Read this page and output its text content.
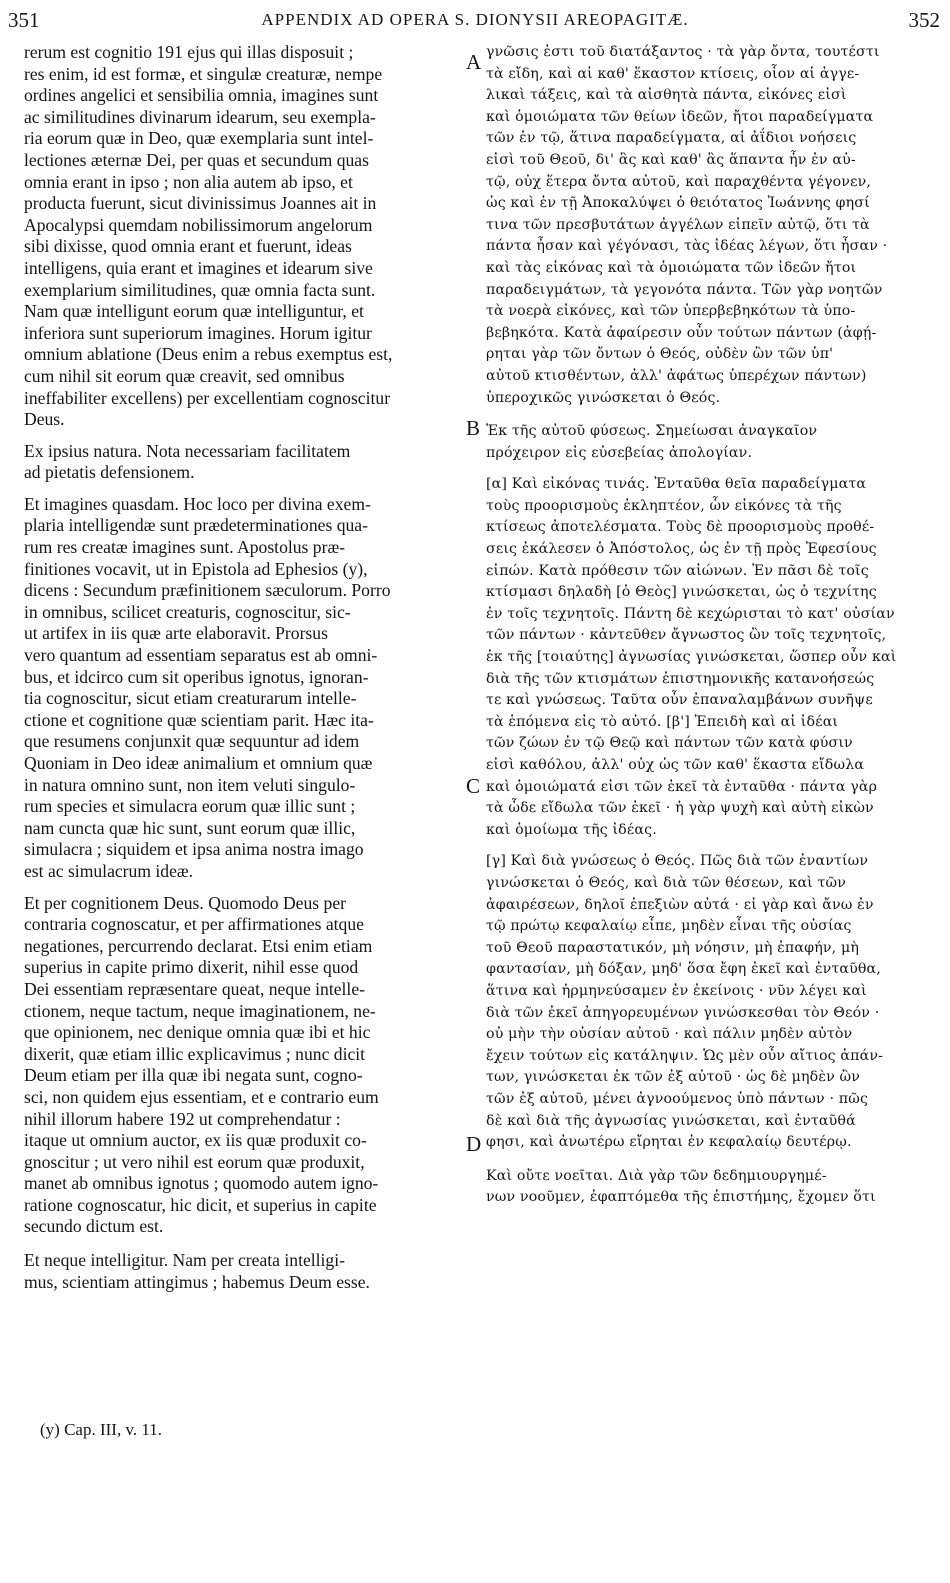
351	APPENDIX AD OPERA S. DIONYSII AREOPAGITÆ.	352
rerum est cognitio 191 ejus qui illas disposuit ;
res enim, id est formæ, et singulæ creaturæ, nempe
ordines angelici et sensibilia omnia, imagines sunt
ac similitudines divinarum idearum, seu exempla-
ria eorum quæ in Deo, quæ exemplaria sunt intel-
lectiones æternæ Dei, per quas et secundum quas
omnia erant in ipso ; non alia autem ab ipso, et
producta fuerunt, sicut divinissimus Joannes ait in
Apocalypsi quemdam nobilissimorum angelorum
sibi dixisse, quod omnia erant et fuerunt, ideas
intelligens, quia erant et imagines et idearum sive
exemplarium similitudines, quæ omnia facta sunt.
Nam quæ intelligunt eorum quæ intelliguntur, et
inferiora sunt superiorum imagines. Horum igitur
omnium ablatione (Deus enim a rebus exemptus est,
cum nihil sit eorum quæ creavit, sed omnibus
ineffabiliter excellens) per excellentiam cognoscitur
Deus.
Ex ipsius natura. Nota necessariam facilitatem
ad pietatis defensionem.
Et imagines quasdam. Hoc loco per divina exem-
plaria intelligendæ sunt prædeterminationes qua-
rum res creatæ imagines sunt. Apostolus præ-
finitiones vocavit, ut in Epistola ad Ephesios (y),
dicens : Secundum præfinitionem sæculorum. Porro
in omnibus, scilicet creaturis, cognoscitur, sic-
ut artifex in iis quæ arte elaboravit. Prorsus
vero quantum ad essentiam separatus est ab omni-
bus, et idcirco cum sit operibus ignotus, ignoran-
tia cognoscitur, sicut etiam creaturarum intelle-
ctione et cognitione quæ scientiam parit. Hæc ita-
que resumens conjunxit quæ sequuntur ad idem
Quoniam in Deo ideæ animalium et omnium quæ
in natura omnino sunt, non item veluti singulo-
rum species et simulacra eorum quæ illic sunt ;
nam cuncta quæ hic sunt, sunt eorum quæ illic,
simulacra ; siquidem et ipsa anima nostra imago
est ac simulacrum ideæ.
Et per cognitionem Deus. Quomodo Deus per
contraria cognoscatur, et per affirmationes atque
negationes, percurrendo declarat. Etsi enim etiam
superius in capite primo dixerit, nihil esse quod
Dei essentiam repræsentare queat, neque intelle-
ctionem, neque tactum, neque imaginationem, ne-
que opinionem, nec denique omnia quæ ibi et hic
dixerit, quæ etiam illic explicavimus ; nunc dicit
Deum etiam per illa quæ ibi negata sunt, cogno-
sci, non quidem ejus essentiam, et e contrario eum
nihil illorum habere 192 ut comprehendatur :
itaque ut omnium auctor, ex iis quæ produxit co-
gnoscitur ; ut vero nihil est eorum quæ produxit,
manet ab omnibus ignotus ; quomodo autem igno-
ratione cognoscatur, hic dicit, et superius in capite
secundo dictum est.
Et neque intelligitur. Nam per creata intelligi-
mus, scientiam attingimus ; habemus Deum esse.
γνῶσις ἐστι τοῦ διατάξαντος · τὰ γὰρ ὄντα, τουτέστι
τὰ εἴδη, καὶ αἱ καθ' ἕκαστον κτίσεις, οἷον αἱ ἀγγε-
λικαὶ τάξεις, καὶ τὰ αἰσθητὰ πάντα, εἰκόνες εἰσὶ
καὶ ὁμοιώματα τῶν θείων ἰδεῶν, ἤτοι παραδείγματα
τῶν ἐν τῷ, ἅτινα παραδείγματα, αἱ ἀΐδιοι νοήσεις
εἰσὶ τοῦ Θεοῦ, δι' ἃς καὶ καθ' ἃς ἅπαντα ἦν ἐν αὐ-
τῷ, οὐχ ἕτερα ὄντα αὐτοῦ, καὶ παραχθέντα γέγονεν,
ὡς καὶ ἐν τῇ Ἀποκαλύψει ὁ θειότατος Ἰωάννης φησί
τινα τῶν πρεσβυτάτων ἀγγέλων εἰπεῖν αὐτῷ, ὅτι τὰ
πάντα ἦσαν καὶ γέγόνασι, τὰς ἰδέας λέγων, ὅτι ἦσαν ·
καὶ τὰς εἰκόνας καὶ τὰ ὁμοιώματα τῶν ἰδεῶν ἤτοι
παραδειγμάτων, τὰ γεγονότα πάντα. Τῶν γὰρ νοητῶν
τὰ νοερὰ εἰκόνες, καὶ τῶν ὑπερβεβηκότων τὰ ὑπο-
βεβηκότα. Κατὰ ἀφαίρεσιν οὖν τούτων πάντων (ἀφῄ-
ρηται γὰρ τῶν ὄντων ὁ Θεός, οὐδὲν ὢν τῶν ὑπ'
αὐτοῦ κτισθέντων, ἀλλ' ἀφάτως ὑπερέχων πάντων)
ὑπεροχικῶς γινώσκεται ὁ Θεός.
Ἐκ τῆς αὐτοῦ φύσεως. Σημείωσαι ἀναγκαῖον
πρόχειρον εἰς εὐσεβείας ἀπολογίαν.
[α] Καὶ εἰκόνας τινάς. Ἐνταῦθα θεῖα παραδείγματα
τοὺς προορισμοὺς ἐκληπτέον, ὧν εἰκόνες τὰ τῆς
κτίσεως ἀποτελέσματα. Τοὺς δὲ προορισμοὺς προθέ-
σεις ἐκάλεσεν ὁ Ἀπόστολος, ὡς ἐν τῇ πρὸς Ἐφεσίους
εἰπών. Κατὰ πρόθεσιν τῶν αἰώνων. Ἐν πᾶσι δὲ τοῖς
κτίσμασι δηλαδὴ [ὁ Θεὸς] γινώσκεται, ὡς ὁ τεχνίτης
ἐν τοῖς τεχνητοῖς. Πάντη δὲ κεχώρισται τὸ κατ' οὐσίαν
τῶν πάντων · κἀντεῦθεν ἄγνωστος ὢν τοῖς τεχνητοῖς,
ἐκ τῆς [τοιαύτης] ἀγνωσίας γινώσκεται, ὥσπερ οὖν καὶ
διὰ τῆς τῶν κτισμάτων ἐπιστημονικῆς κατανοήσεώς
τε καὶ γνώσεως. Ταῦτα οὖν ἐπαναλαμβάνων συνῆψε
τὰ ἑπόμενα εἰς τὸ αὐτό. [β'] Ἐπειδὴ καὶ αἱ ἰδέαι
τῶν ζώων ἐν τῷ Θεῷ καὶ πάντων τῶν κατὰ φύσιν
εἰσὶ καθόλου, ἀλλ' οὐχ ὡς τῶν καθ' ἕκαστα εἴδωλα
καὶ ὁμοιώματά εἰσι τῶν ἐκεῖ τὰ ἐνταῦθα · πάντα γὰρ
τὰ ὧδε εἴδωλα τῶν ἐκεῖ · ἡ γὰρ ψυχὴ καὶ αὐτὴ εἰκὼν
καὶ ὁμοίωμα τῆς ἰδέας.
[γ] Καὶ διὰ γνώσεως ὁ Θεός. Πῶς διὰ τῶν ἐναντίων
γινώσκεται ὁ Θεός, καὶ διὰ τῶν θέσεων, καὶ τῶν
ἀφαιρέσεων, δηλοῖ ἐπεξιὼν αὐτά · εἰ γὰρ καὶ ἄνω ἐν
τῷ πρώτῳ κεφαλαίῳ εἶπε, μηδὲν εἶναι τῆς οὐσίας
τοῦ Θεοῦ παραστατικόν, μὴ νόησιν, μὴ ἐπαφήν, μὴ
φαντασίαν, μὴ δόξαν, μηδ' ὅσα ἔφη ἐκεῖ καὶ ἐνταῦθα,
ἅτινα καὶ ἡρμηνεύσαμεν ἐν ἐκείνοις · νῦν λέγει καὶ
διὰ τῶν ἐκεῖ ἀπηγορευμένων γινώσκεσθαι τὸν Θεόν ·
οὐ μὴν τὴν οὐσίαν αὐτοῦ · καὶ πάλιν μηδὲν αὐτὸν
ἔχειν τούτων εἰς κατάληψιν. Ὡς μὲν οὖν αἴτιος ἁπάν-
των, γινώσκεται ἐκ τῶν ἐξ αὐτοῦ · ὡς δὲ μηδὲν ὢν
τῶν ἐξ αὐτοῦ, μένει ἀγνοούμενος ὑπὸ πάντων · πῶς
δὲ καὶ διὰ τῆς ἀγνωσίας γινώσκεται, καὶ ἐνταῦθά
φησι, καὶ ἀνωτέρω εἴρηται ἐν κεφαλαίῳ δευτέρῳ.
Καὶ οὔτε νοεῖται. Διὰ γὰρ τῶν δεδημιουργημέ-
νων νοοῦμεν, ἐφαπτόμεθα τῆς ἐπιστήμης, ἔχομεν ὅτι
A
B
C
D
(y) Cap. III, v. 11.
